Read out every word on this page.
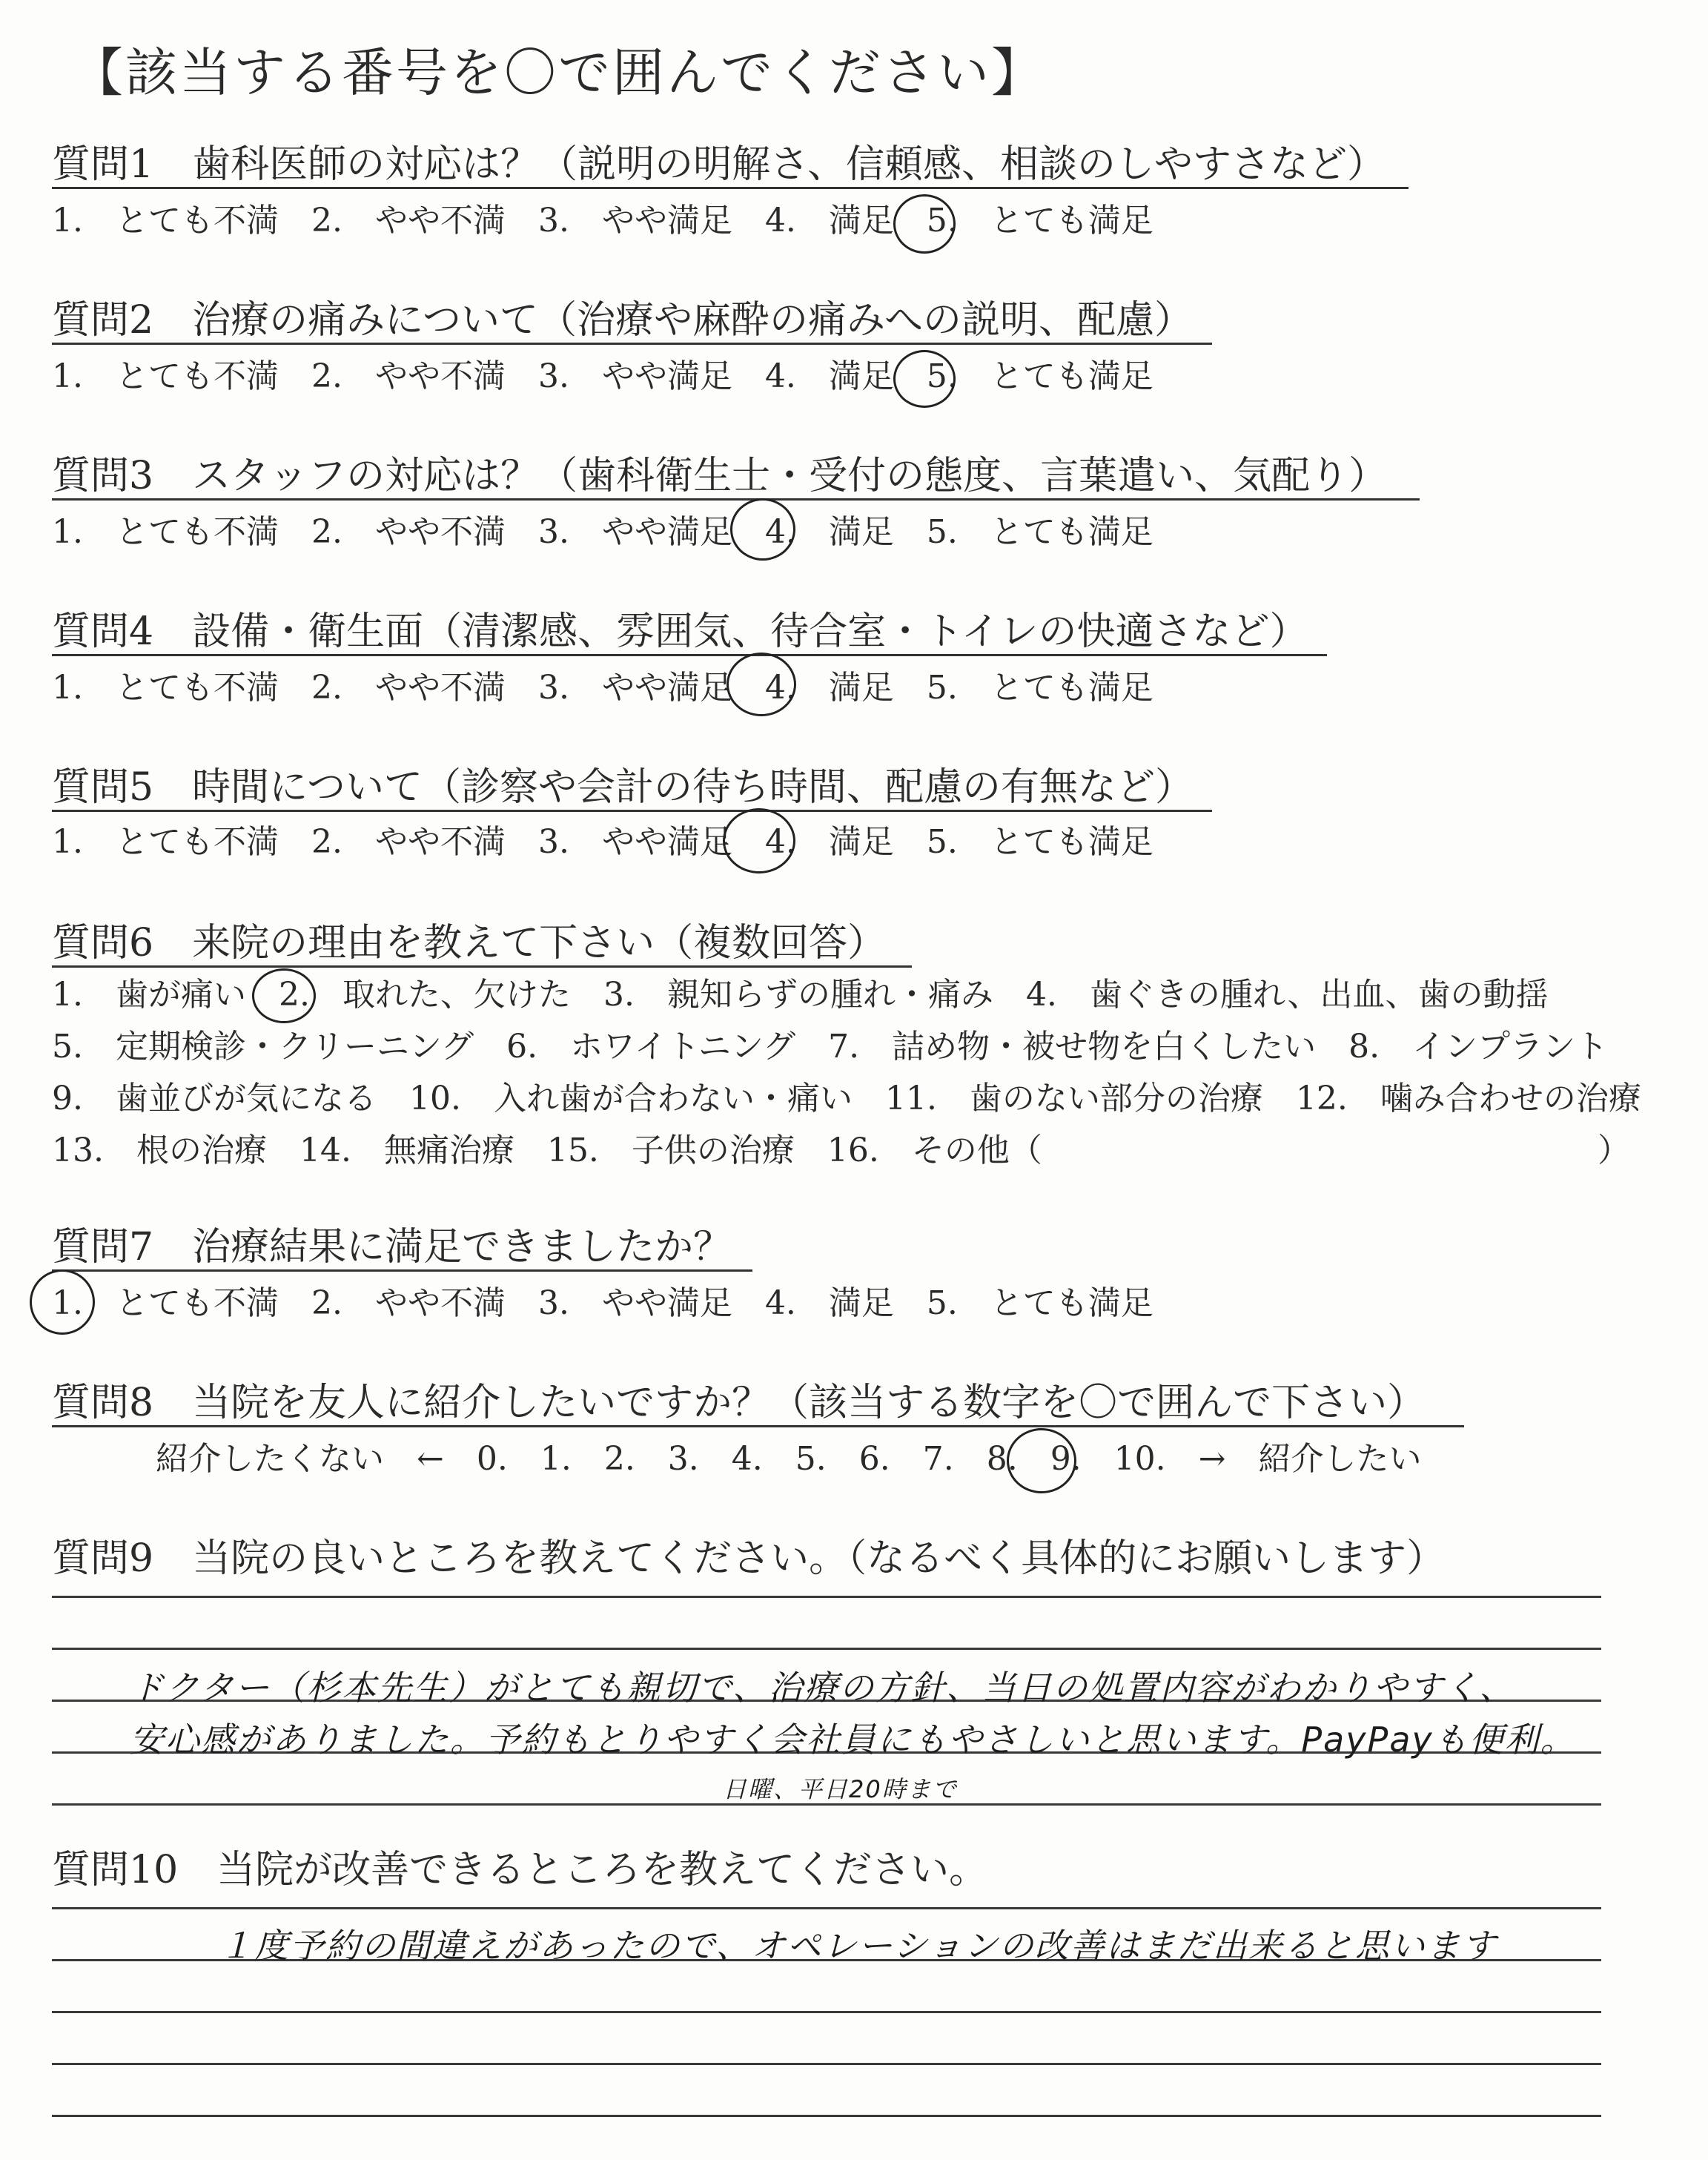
【該当する番号を〇で囲んでください】
質問1　歯科医師の対応は？（説明の明解さ、信頼感、相談のしやすさなど）
1.　とても不満　2.　やや不満　3.　やや満足　4.　満足　5.　とても満足
質問2　治療の痛みについて（治療や麻酔の痛みへの説明、配慮）
1.　とても不満　2.　やや不満　3.　やや満足　4.　満足　5.　とても満足
質問3　スタッフの対応は？（歯科衛生士・受付の態度、言葉遣い、気配り）
1.　とても不満　2.　やや不満　3.　やや満足　4.　満足　5.　とても満足
質問4　設備・衛生面（清潔感、雰囲気、待合室・トイレの快適さなど）
1.　とても不満　2.　やや不満　3.　やや満足　4.　満足　5.　とても満足
質問5　時間について（診察や会計の待ち時間、配慮の有無など）
1.　とても不満　2.　やや不満　3.　やや満足　4.　満足　5.　とても満足
質問6　来院の理由を教えて下さい（複数回答）
1.　歯が痛い　2.　取れた、欠けた　3.　親知らずの腫れ・痛み　4.　歯ぐきの腫れ、出血、歯の動揺
5.　定期検診・クリーニング　6.　ホワイトニング　7.　詰め物・被せ物を白くしたい　8.　インプラント
9.　歯並びが気になる　10.　入れ歯が合わない・痛い　11.　歯のない部分の治療　12.　噛み合わせの治療
13.　根の治療　14.　無痛治療　15.　子供の治療　16.　その他（	）
質問7　治療結果に満足できましたか？
1.　とても不満　2.　やや不満　3.　やや満足　4.　満足　5.　とても満足
質問8　当院を友人に紹介したいですか？（該当する数字を〇で囲んで下さい）
紹介したくない　←　0.　1.　2.　3.　4.　5.　6.　7.　8.　9.　10.　→　紹介したい
質問9　当院の良いところを教えてください。（なるべく具体的にお願いします）
ドクター（杉本先生）がとても親切で、治療の方針、当日の処置内容がわかりやすく、
安心感がありました。予約もとりやすく会社員にもやさしいと思います。PayPayも便利。
日曜、平日20時まで
質問10　当院が改善できるところを教えてください。
１度予約の間違えがあったので、オペレーションの改善はまだ出来ると思います
